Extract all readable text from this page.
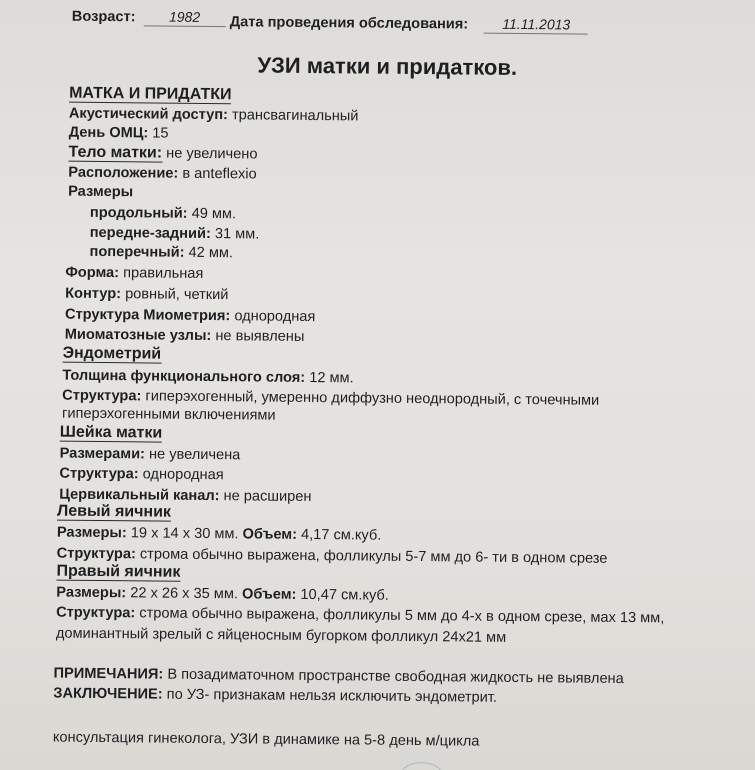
Возраст: 1982	Дата проведения обследования: 11.11.2013
УЗИ матки и придатков.
МАТКА И ПРИДАТКИ
Акустический доступ: трансвагинальный
День ОМЦ: 15
Тело матки: не увеличено
Расположение: в anteflexio
Размеры
продольный: 49 мм.
передне-задний: 31 мм.
поперечный: 42 мм.
Форма: правильная
Контур: ровный, четкий
Структура Миометрия: однородная
Миоматозные узлы: не выявлены
Эндометрий
Толщина функционального слоя: 12 мм.
Структура: гиперэхогенный, умеренно диффузно неоднородный, с точечными
гиперэхогенными включениями
Шейка матки
Размерами: не увеличена
Структура: однородная
Цервикальный канал: не расширен
Левый яичник
Размеры: 19 х 14 х 30 мм. Объем: 4,17 см.куб.
Структура: строма обычно выражена, фолликулы 5-7 мм до 6- ти в одном срезе
Правый яичник
Размеры: 22 х 26 х 35 мм. Объем: 10,47 см.куб.
Структура: строма обычно выражена, фолликулы 5 мм до 4-х в одном срезе, мах 13 мм,
доминантный зрелый с яйценосным бугорком фолликул 24х21 мм
ПРИМЕЧАНИЯ: В позадиматочном пространстве свободная жидкость не выявлена
ЗАКЛЮЧЕНИЕ: по УЗ- признакам нельзя исключить эндометрит.
консультация гинеколога, УЗИ в динамике на 5-8 день м/цикла
